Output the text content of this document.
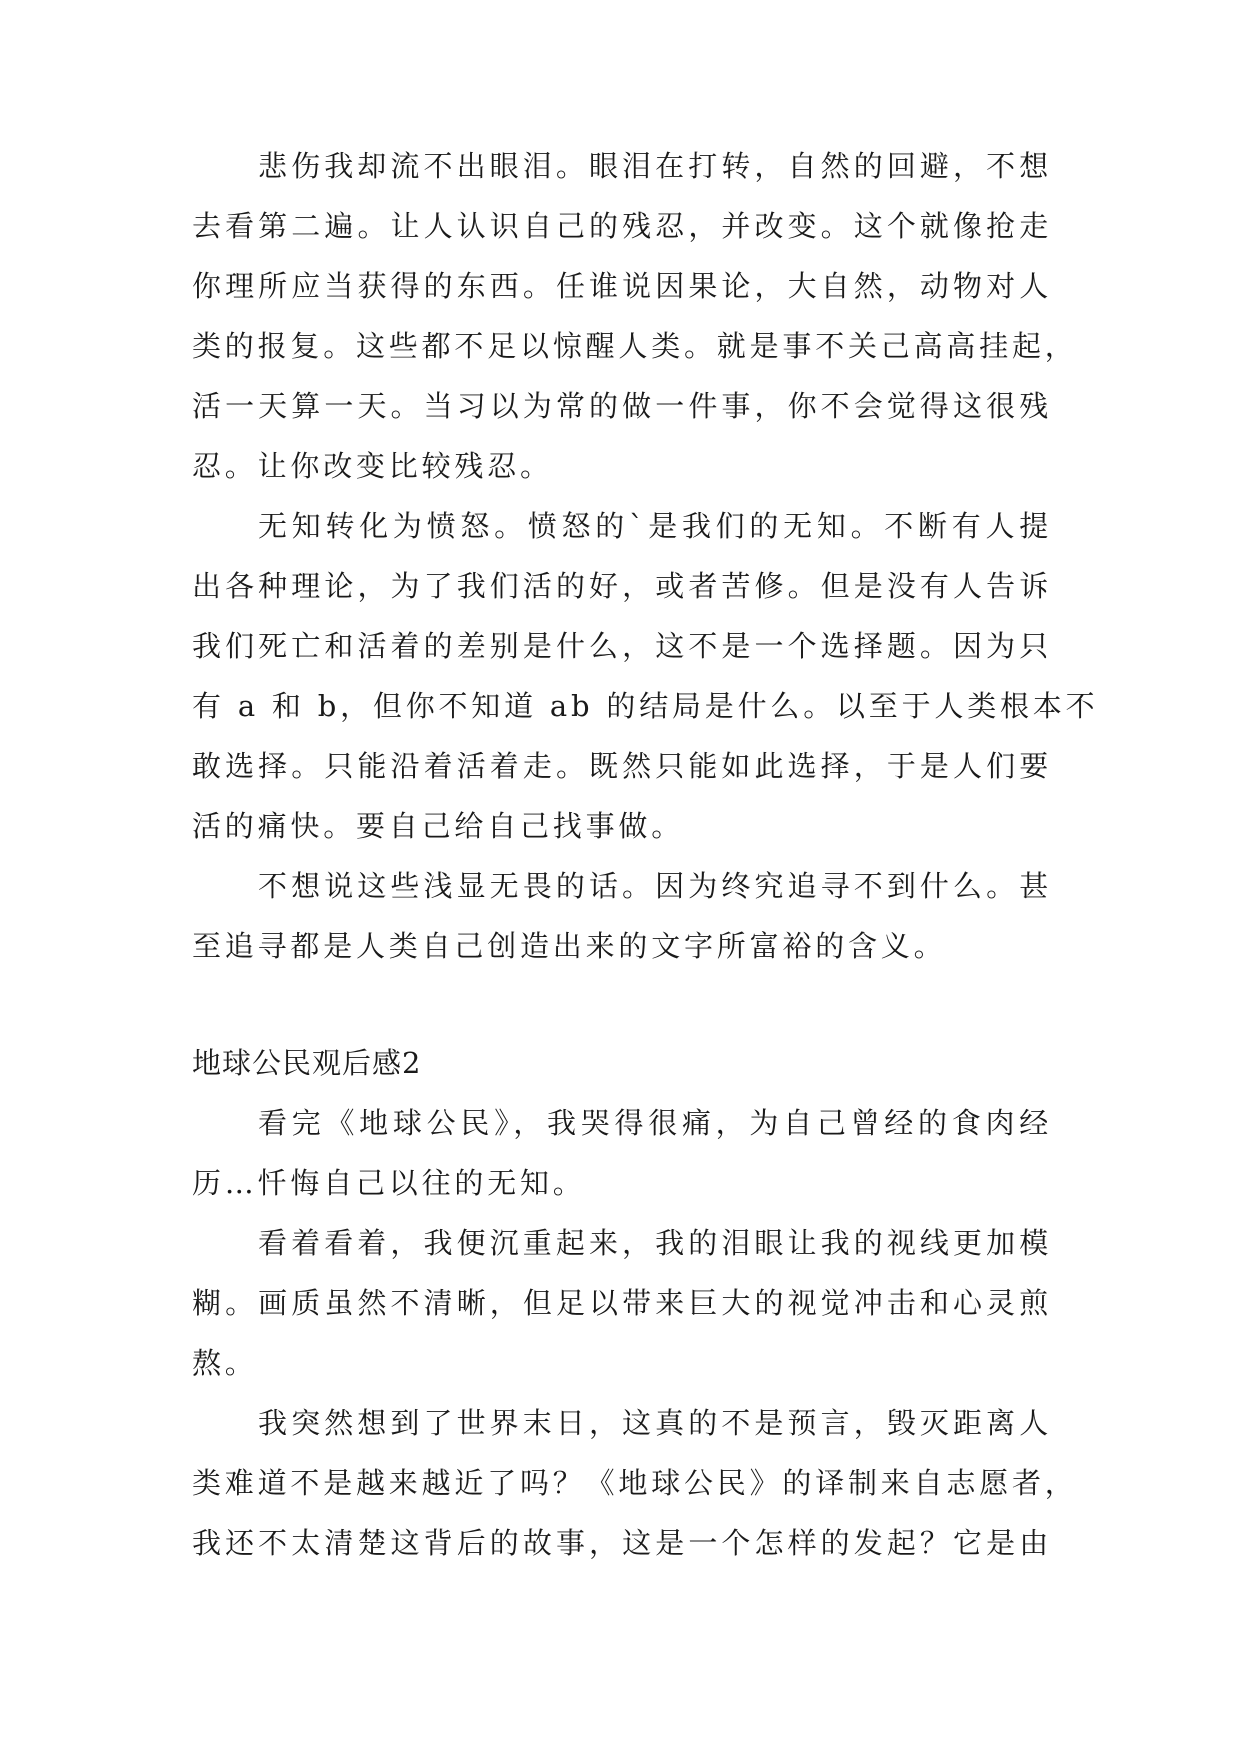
悲伤我却流不出眼泪。眼泪在打转，自然的回避，不想
去看第二遍。让人认识自己的残忍，并改变。这个就像抢走
你理所应当获得的东西。任谁说因果论，大自然，动物对人
类的报复。这些都不足以惊醒人类。就是事不关己高高挂起，
活一天算一天。当习以为常的做一件事，你不会觉得这很残
忍。让你改变比较残忍。
无知转化为愤怒。愤怒的`是我们的无知。不断有人提
出各种理论，为了我们活的好，或者苦修。但是没有人告诉
我们死亡和活着的差别是什么，这不是一个选择题。因为只
有 a 和 b，但你不知道 ab 的结局是什么。以至于人类根本不
敢选择。只能沿着活着走。既然只能如此选择，于是人们要
活的痛快。要自己给自己找事做。
不想说这些浅显无畏的话。因为终究追寻不到什么。甚
至追寻都是人类自己创造出来的文字所富裕的含义。
地球公民观后感2
看完《地球公民》，我哭得很痛，为自己曾经的食肉经
历…忏悔自己以往的无知。
看着看着，我便沉重起来，我的泪眼让我的视线更加模
糊。画质虽然不清晰，但足以带来巨大的视觉冲击和心灵煎
熬。
我突然想到了世界末日，这真的不是预言，毁灭距离人
类难道不是越来越近了吗？《地球公民》的译制来自志愿者，
我还不太清楚这背后的故事，这是一个怎样的发起？它是由
